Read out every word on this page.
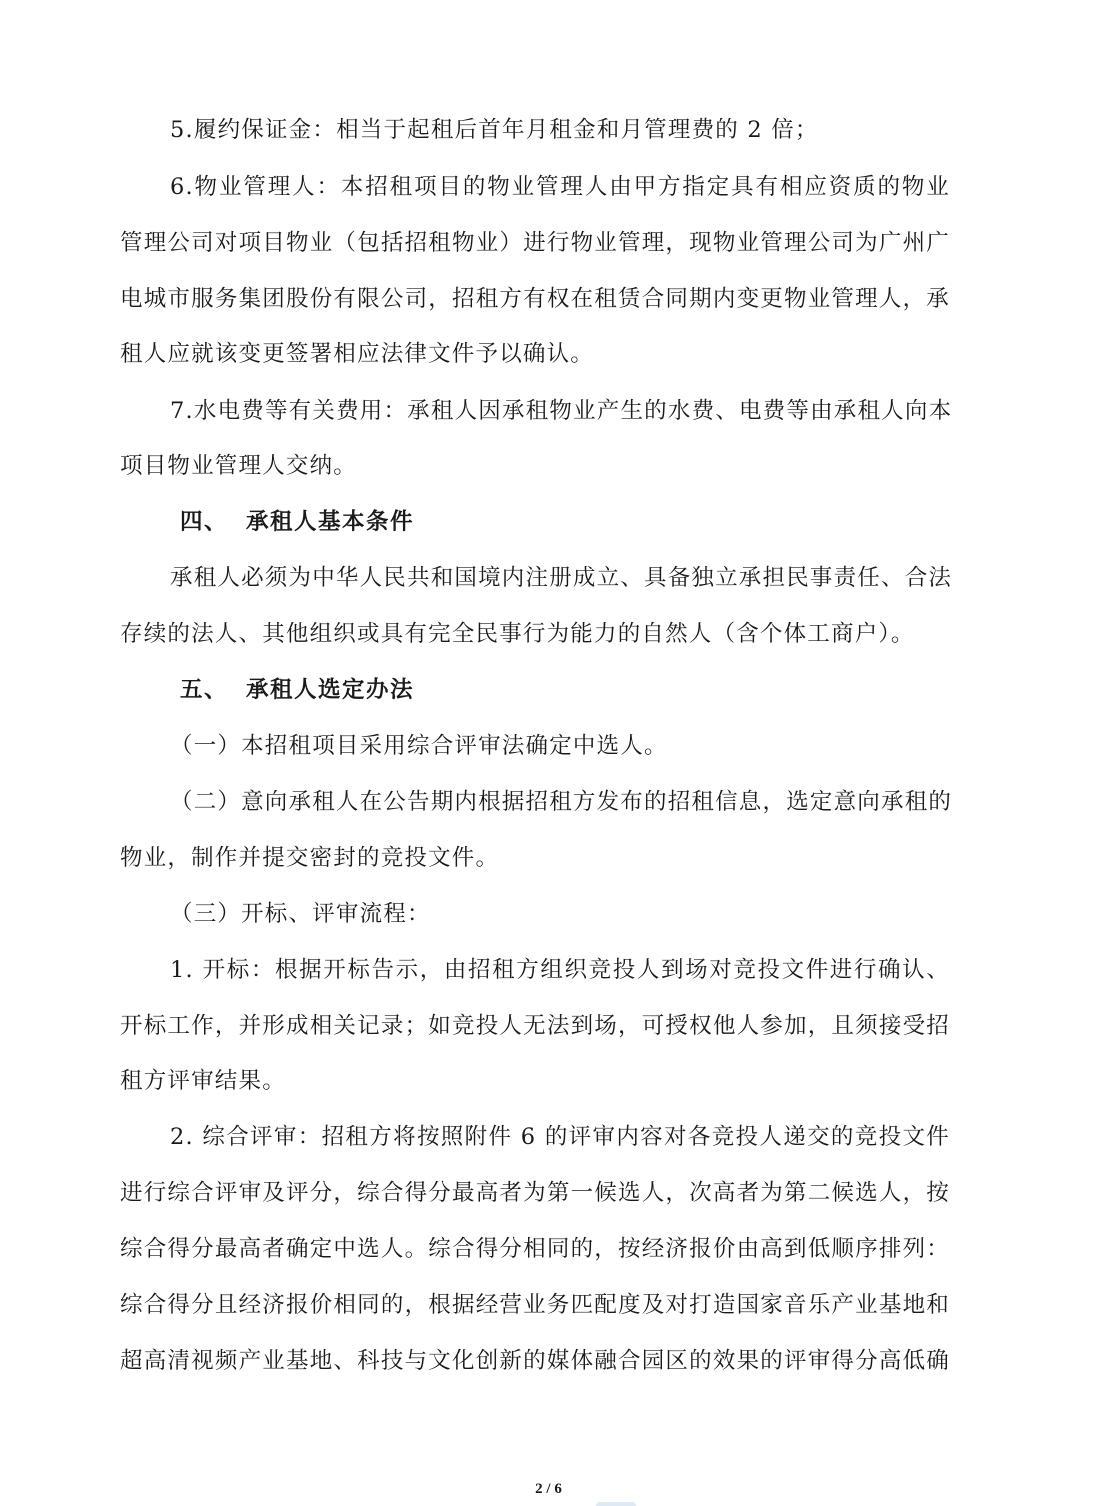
5.履约保证金：相当于起租后首年月租金和月管理费的 2 倍；
6.物业管理人：本招租项目的物业管理人由甲方指定具有相应资质的物业
管理公司对项目物业（包括招租物业）进行物业管理，现物业管理公司为广州广
电城市服务集团股份有限公司，招租方有权在租赁合同期内变更物业管理人，承
租人应就该变更签署相应法律文件予以确认。
7.水电费等有关费用：承租人因承租物业产生的水费、电费等由承租人向本
项目物业管理人交纳。
四、 承租人基本条件
承租人必须为中华人民共和国境内注册成立、具备独立承担民事责任、合法
存续的法人、其他组织或具有完全民事行为能力的自然人（含个体工商户）。
五、 承租人选定办法
（一）本招租项目采用综合评审法确定中选人。
（二）意向承租人在公告期内根据招租方发布的招租信息，选定意向承租的
物业，制作并提交密封的竞投文件。
（三）开标、评审流程：
1. 开标：根据开标告示，由招租方组织竞投人到场对竞投文件进行确认、
开标工作，并形成相关记录；如竞投人无法到场，可授权他人参加，且须接受招
租方评审结果。
2. 综合评审：招租方将按照附件 6 的评审内容对各竞投人递交的竞投文件
进行综合评审及评分，综合得分最高者为第一候选人，次高者为第二候选人，按
综合得分最高者确定中选人。综合得分相同的，按经济报价由高到低顺序排列：
综合得分且经济报价相同的，根据经营业务匹配度及对打造国家音乐产业基地和
超高清视频产业基地、科技与文化创新的媒体融合园区的效果的评审得分高低确
2 / 6
